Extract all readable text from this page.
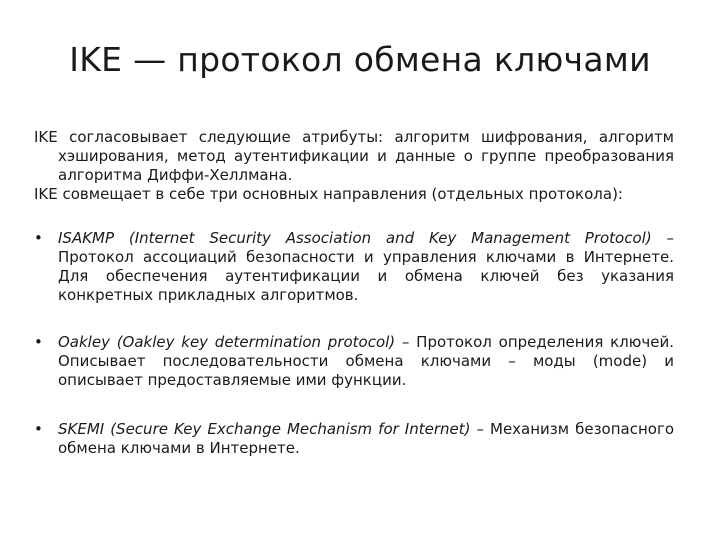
IKE — протокол обмена ключами

IKE согласовывает следующие атрибуты: алгоритм шифрования, алгоритм хэширования, метод аутентификации и данные о группе преобразования алгоритма Диффи-Хеллмана.

IKE совмещает в себе три основных направления (отдельных протокола):

• ISAKMP (Internet Security Association and Key Management Protocol) – Протокол ассоциаций безопасности и управления ключами в Интернете. Для обеспечения аутентификации и обмена ключей без указания конкретных прикладных алгоритмов.
• Oakley (Oakley key determination protocol) – Протокол определения ключей. Описывает последовательности обмена ключами – моды (mode) и описывает предоставляемые ими функции.
• SKEMI (Secure Key Exchange Mechanism for Internet) – Механизм безопасного обмена ключами в Интернете.
